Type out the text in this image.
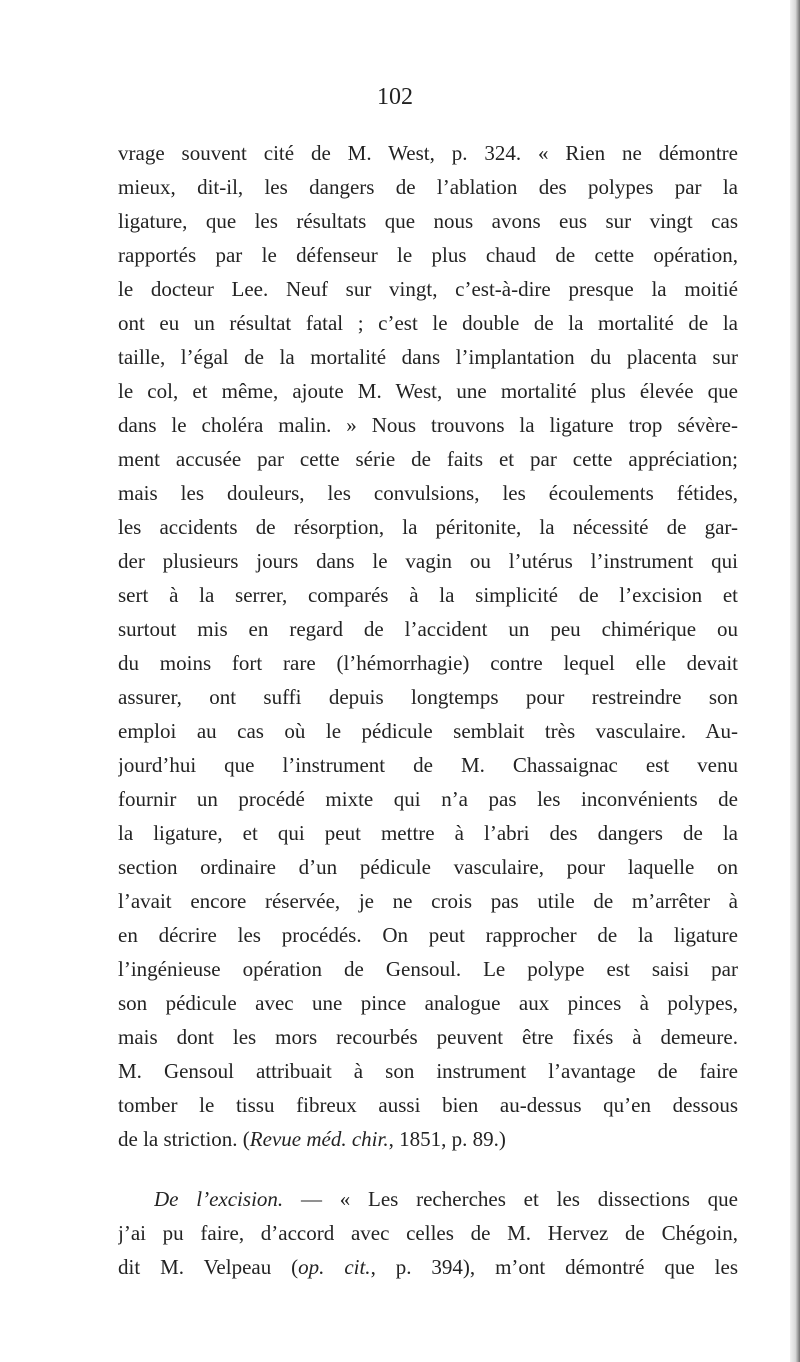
102
vrage souvent cité de M. West, p. 324. « Rien ne démontre
mieux, dit-il, les dangers de l’ablation des polypes par la
ligature, que les résultats que nous avons eus sur vingt cas
rapportés par le défenseur le plus chaud de cette opération,
le docteur Lee. Neuf sur vingt, c’est-à-dire presque la moitié
ont eu un résultat fatal ; c’est le double de la mortalité de la
taille, l’égal de la mortalité dans l’implantation du placenta sur
le col, et même, ajoute M. West, une mortalité plus élevée que
dans le choléra malin. » Nous trouvons la ligature trop sévère-
ment accusée par cette série de faits et par cette appréciation;
mais les douleurs, les convulsions, les écoulements fétides,
les accidents de résorption, la péritonite, la nécessité de gar-
der plusieurs jours dans le vagin ou l’utérus l’instrument qui
sert à la serrer, comparés à la simplicité de l’excision et
surtout mis en regard de l’accident un peu chimérique ou
du moins fort rare (l’hémorrhagie) contre lequel elle devait
assurer, ont suffi depuis longtemps pour restreindre son
emploi au cas où le pédicule semblait très vasculaire. Au-
jourd’hui que l’instrument de M. Chassaignac est venu
fournir un procédé mixte qui n’a pas les inconvénients de
la ligature, et qui peut mettre à l’abri des dangers de la
section ordinaire d’un pédicule vasculaire, pour laquelle on
l’avait encore réservée, je ne crois pas utile de m’arrêter à
en décrire les procédés. On peut rapprocher de la ligature
l’ingénieuse opération de Gensoul. Le polype est saisi par
son pédicule avec une pince analogue aux pinces à polypes,
mais dont les mors recourbés peuvent être fixés à demeure.
M. Gensoul attribuait à son instrument l’avantage de faire
tomber le tissu fibreux aussi bien au-dessus qu’en dessous
de la striction. (Revue méd. chir., 1851, p. 89.)
De l’excision. — « Les recherches et les dissections que
j’ai pu faire, d’accord avec celles de M. Hervez de Chégoin,
dit M. Velpeau (op. cit., p. 394), m’ont démontré que les
